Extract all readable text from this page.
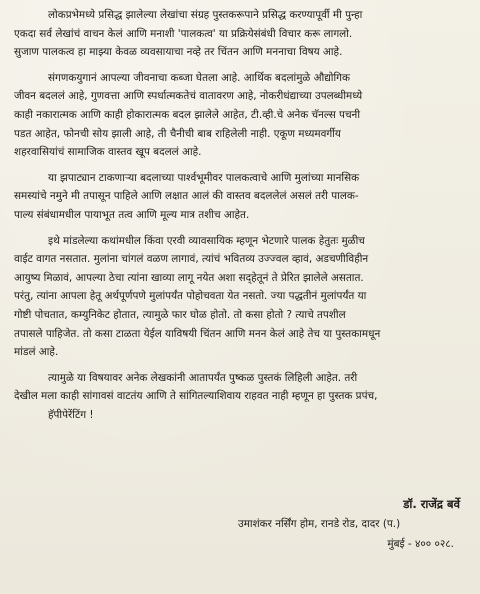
लोकप्रभेमध्ये प्रसिद्ध झालेल्या लेखांचा संग्रह पुस्तकरूपाने प्रसिद्ध करण्यापूर्वी मी पुन्हा
एकदा सर्व लेखांचं वाचन केलं आणि मनाशी 'पालकत्व' या प्रक्रियेसंबंधी विचार करू लागलो.
सुजाण पालकत्व हा माझ्या केवळ व्यवसायाचा नव्हे तर चिंतन आणि मननाचा विषय आहे.

संगणकयुगानं आपल्या जीवनाचा कब्जा घेतला आहे. आर्थिक बदलांमुळे औद्योगिक
जीवन बदललं आहे, गुणवत्ता आणि स्पर्धात्मकतेचं वातावरण आहे, नोकरीधंद्याच्या उपलब्धीमध्ये
काही नकारात्मक आणि काही होकारात्मक बदल झालेले आहेत, टी.व्ही.चे अनेक चॅनल्स पचनी
पडत आहेत, फोनची सोय झाली आहे, ती चैनीची बाब राहिलेली नाही. एकूण मध्यमवर्गीय
शहरवासियांचं सामाजिक वास्तव खूप बदललं आहे.

या झपाट्यान टाकणाऱ्या बदलाच्या पार्श्वभूमीवर पालकत्वाचे आणि मुलांच्या मानसिक
समस्यांचे नमुने मी तपासून पाहिले आणि लक्षात आलं की वास्तव बदललेलं असलं तरी पालक-
पाल्य संबंधामधील पायाभूत तत्व आणि मूल्य मात्र तशीच आहेत.

इथे मांडलेल्या कथांमधील किंवा एरवी व्यावसायिक म्हणून भेटणारे पालक हेतुतः मुळीच
वाईट वागत नसतात. मुलांना चांगलं वळण लागावं, त्यांचं भवितव्य उज्ज्वल व्हावं, अडचणीविहीन
आयुष्य मिळावं, आपल्या ठेचा त्यांना खाव्या लागू नयेत अशा सद्हेतूनं ते प्रेरित झालेले असतात.
परंतु, त्यांना आपला हेतू अर्थपूर्णपणे मुलांपर्यंत पोहोचवता येत नसतो. ज्या पद्धतीनं मुलांपर्यंत या
गोष्टी पोचतात, कम्युनिकेट होतात, त्यामुळे फार घोळ होतो. तो कसा होतो ? त्याचे तपशील
तपासले पाहिजेत. तो कसा टाळता येईल याविषयी चिंतन आणि मनन केलं आहे तेच या पुस्तकामधून
मांडलं आहे.

त्यामुळे या विषयावर अनेक लेखकांनी आतापर्यंत पुष्कळ पुस्तकं लिहिली आहेत. तरी
देखील मला काही सांगावसं वाटतंय आणि ते सांगितल्याशिवाय राहवत नाही म्हणून हा पुस्तक प्रपंच,
हॅपीपेरेंटिंग !

डॉ. राजेंद्र बर्वे
उमाशंकर नर्सिंग होम, रानडे रोड, दादर (प.)
मुंबई - ४०० ०२८.
